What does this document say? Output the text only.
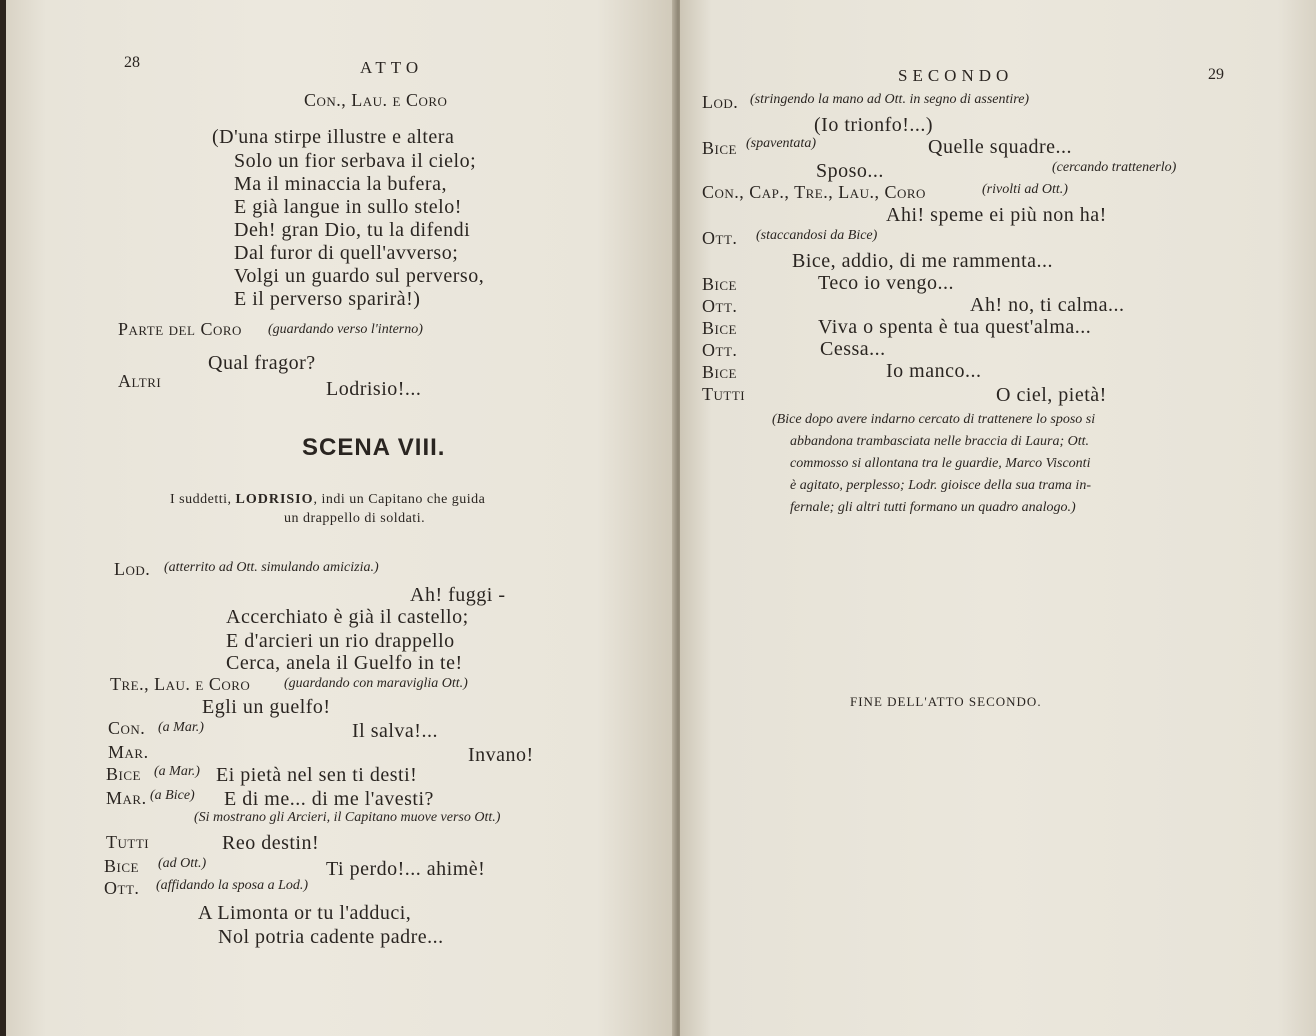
28	ATTO
Con., Lau. e Coro
(D'una stirpe illustre e altera
Solo un fior serbava il cielo;
Ma il minaccia la bufera,
E già langue in sullo stelo!
Deh! gran Dio, tu la difendi
Dal furor di quell'avverso;
Volgi un guardo sul perverso,
E il perverso sparirà!)
Parte del Coro (guardando verso l'interno)
Qual fragor?
Altri	Lodrisio!...
SCENA VIII.
I suddetti, LODRISIO, indi un Capitano che guida
un drappello di soldati.
Lod. (atterrito ad Ott. simulando amicizia.)
Ah! fuggi -
Accerchiato è già il castello;
E d'arcieri un rio drappello
Cerca, anela il Guelfo in te!
Tre., Lau. e Coro (guardando con maraviglia Ott.)
Egli un guelfo!
Con. (a Mar.)	Il salva!...
Mar.	Invano!
Bice (a Mar.) Ei pietà nel sen ti desti!
Mar. (a Bice) E di me... di me l'avesti?
(Si mostrano gli Arcieri, il Capitano muove verso Ott.)
Tutti	Reo destin!
Bice (ad Ott.)	Ti perdo!... ahimè!
Ott. (affidando la sposa a Lod.)
A Limonta or tu l'adduci,
Nol potria cadente padre...
SECONDO	29
Lod. (stringendo la mano ad Ott. in segno di assentire)
(Io trionfo!...)
Bice (spaventata)	Quelle squadre...
Sposo...	(cercando trattenerlo)
Con., Cap., Tre., Lau., Coro	(rivolti ad Ott.)
Ahi! speme ei più non ha!
Ott. (staccandosi da Bice)
Bice, addio, di me rammenta...
Bice	Teco io vengo...
Ott.	Ah! no, ti calma...
Bice	Viva o spenta è tua quest'alma...
Ott.	Cessa...
Bice	Io manco...
Tutti	O ciel, pietà!
(Bice dopo avere indarno cercato di trattenere lo sposo si
abbandona trambasciata nelle braccia di Laura; Ott.
commosso si allontana tra le guardie, Marco Visconti
è agitato, perplesso; Lodr. gioisce della sua trama in-
fernale; gli altri tutti formano un quadro analogo.)
FINE DELL'ATTO SECONDO.
